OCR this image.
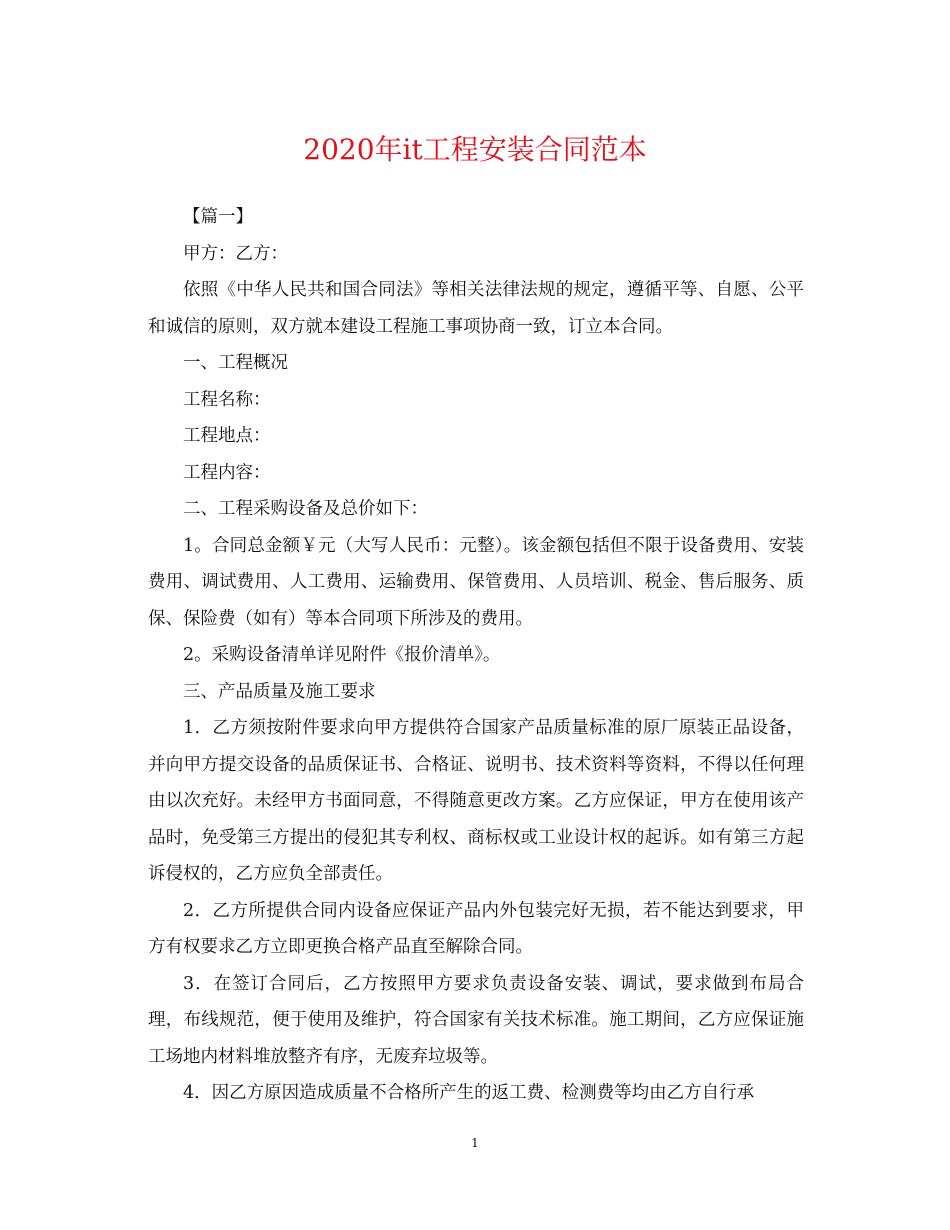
2020年it工程安装合同范本

【篇一】

甲方：乙方：

依照《中华人民共和国合同法》等相关法律法规的规定，遵循平等、自愿、公平和诚信的原则，双方就本建设工程施工事项协商一致，订立本合同。

一、工程概况

工程名称：

工程地点：

工程内容：

二、工程采购设备及总价如下：

1。合同总金额￥元（大写人民币：元整）。该金额包括但不限于设备费用、安装费用、调试费用、人工费用、运输费用、保管费用、人员培训、税金、售后服务、质保、保险费（如有）等本合同项下所涉及的费用。

2。采购设备清单详见附件《报价清单》。

三、产品质量及施工要求

1．乙方须按附件要求向甲方提供符合国家产品质量标准的原厂原装正品设备，并向甲方提交设备的品质保证书、合格证、说明书、技术资料等资料，不得以任何理由以次充好。未经甲方书面同意，不得随意更改方案。乙方应保证，甲方在使用该产品时，免受第三方提出的侵犯其专利权、商标权或工业设计权的起诉。如有第三方起诉侵权的，乙方应负全部责任。

2．乙方所提供合同内设备应保证产品内外包装完好无损，若不能达到要求，甲方有权要求乙方立即更换合格产品直至解除合同。

3．在签订合同后，乙方按照甲方要求负责设备安装、调试，要求做到布局合理，布线规范，便于使用及维护，符合国家有关技术标准。施工期间，乙方应保证施工场地内材料堆放整齐有序，无废弃垃圾等。

4．因乙方原因造成质量不合格所产生的返工费、检测费等均由乙方自行承

1
